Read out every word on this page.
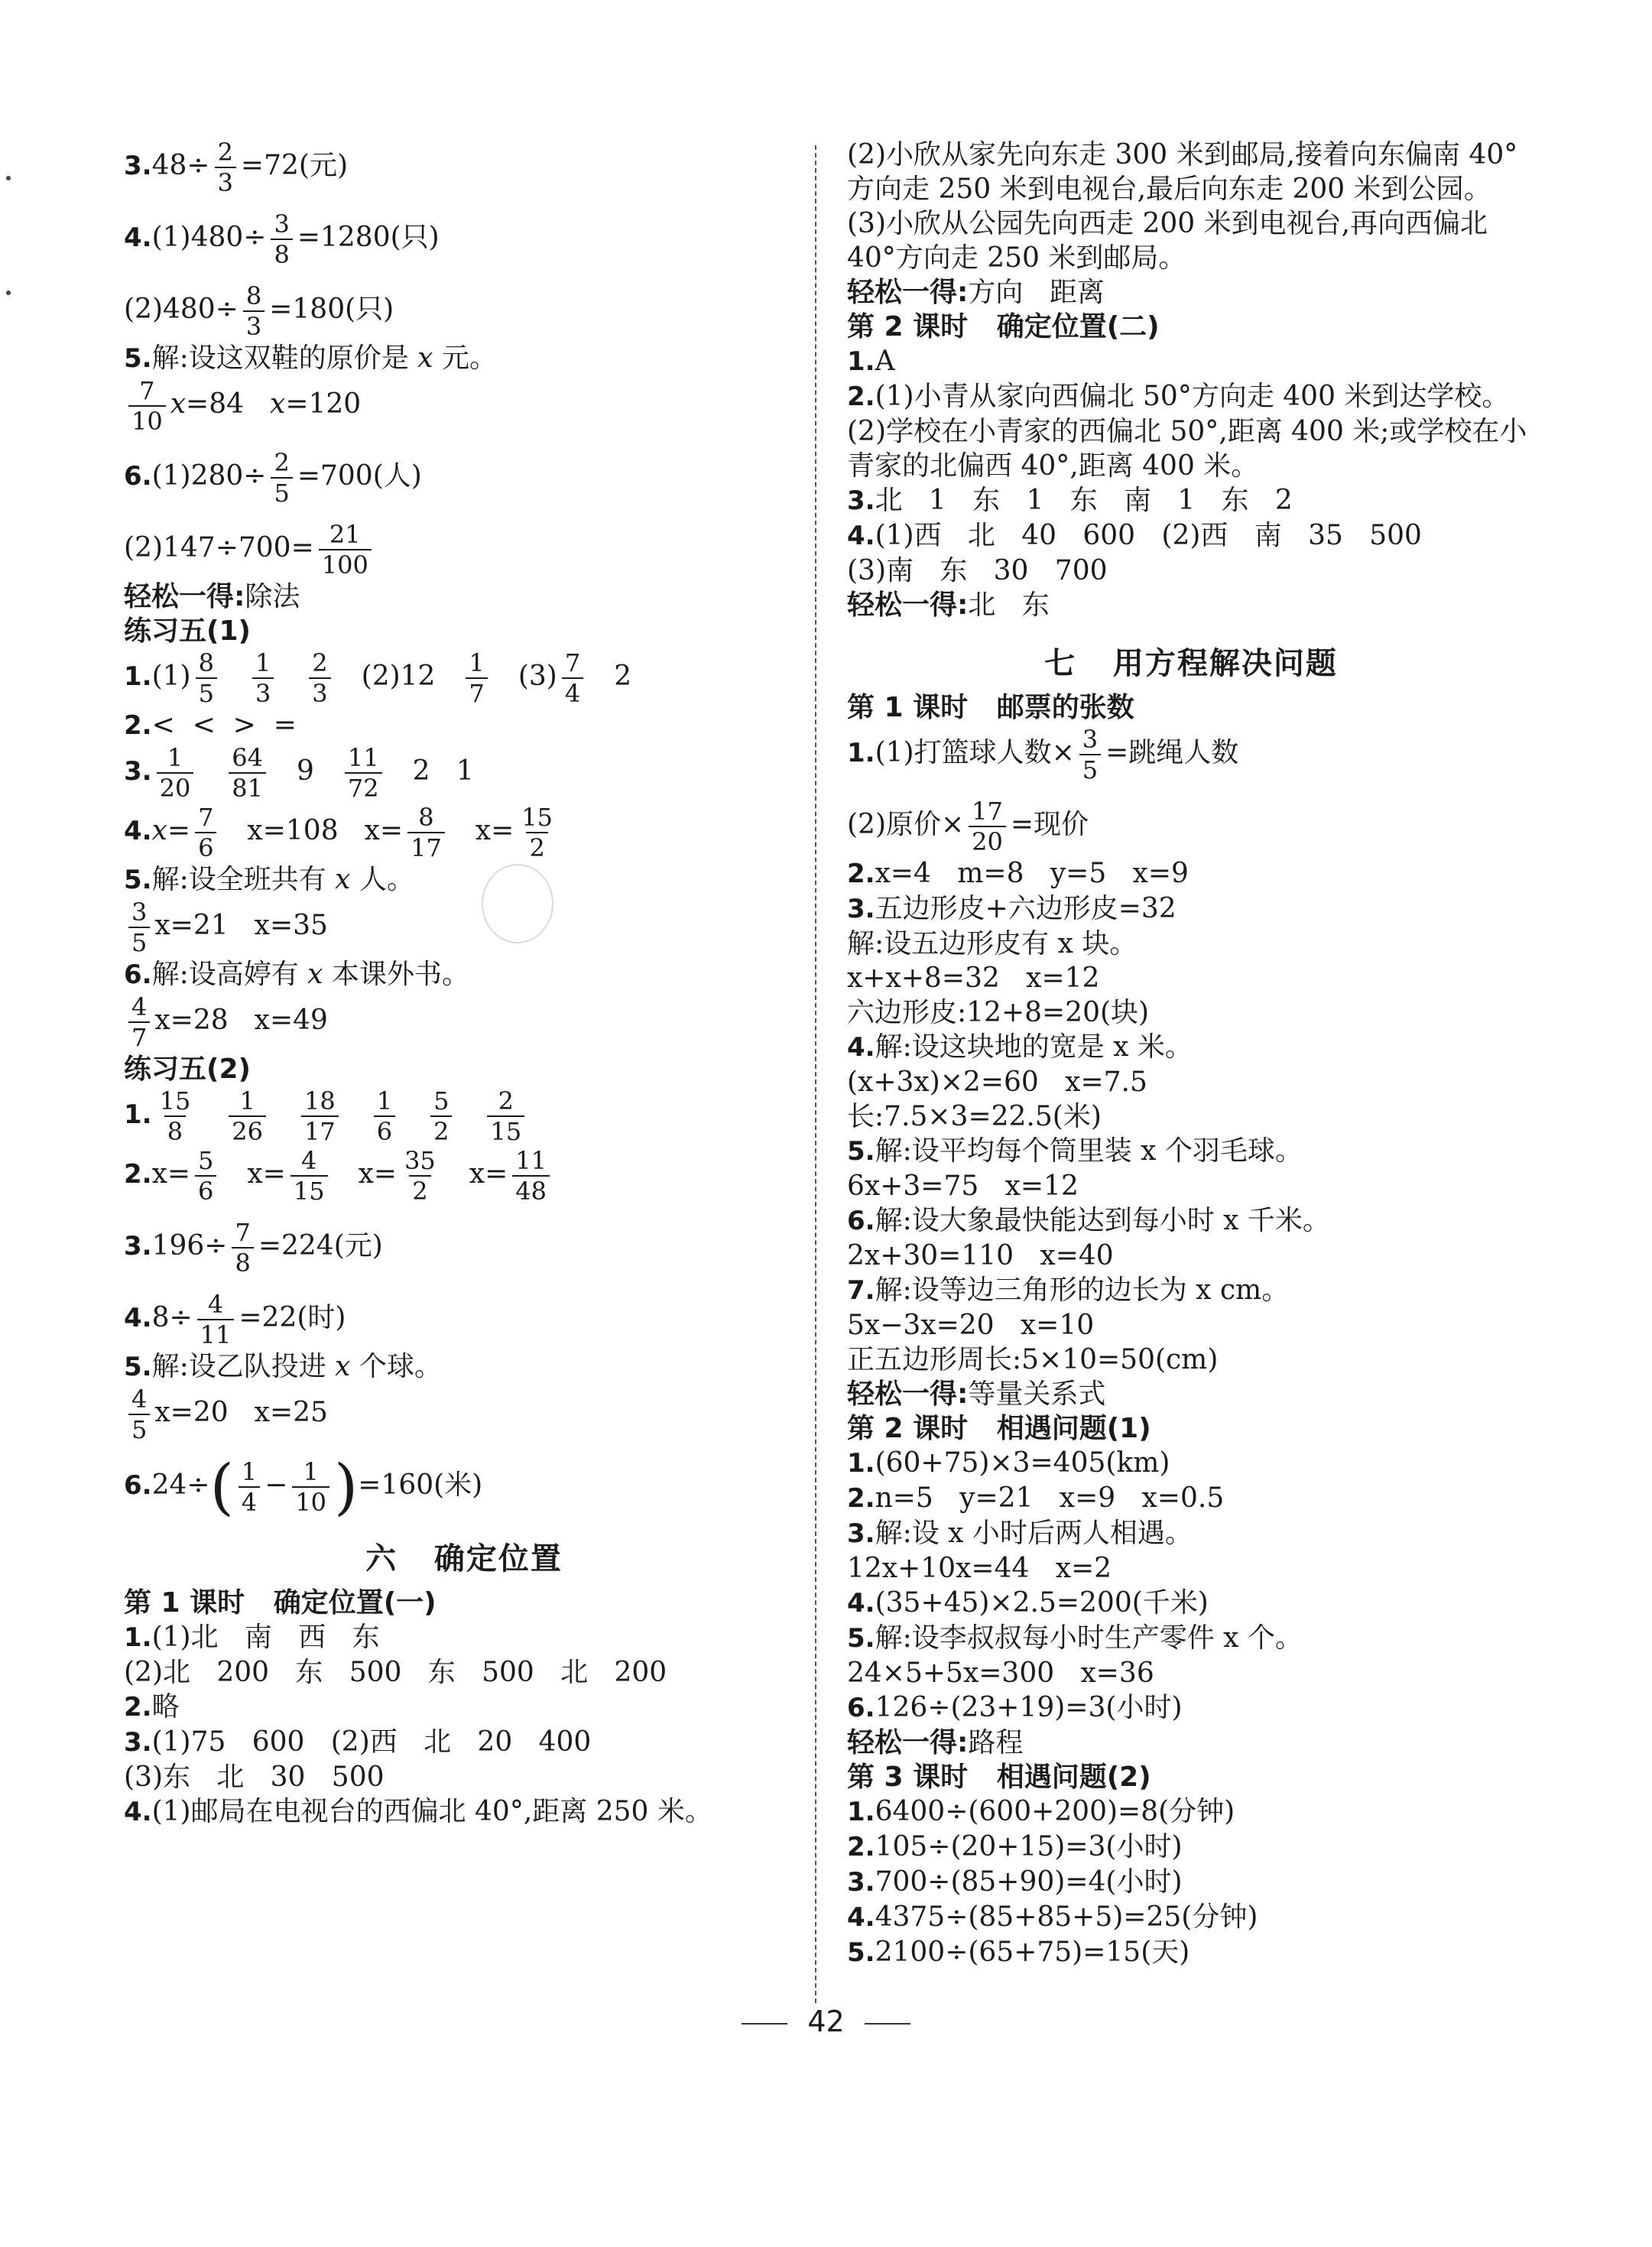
$3.48\div \frac{2}{3} =72$(元)
$4.(1)480\div \frac{3}{8} =1280$(只)
$(2)480\div \frac{8}{3} =180$(只)
5.解:设这双鞋的原价是 x 元。
$\frac{7}{10} x=84$ x=120
$6.(1)280\div \frac{2}{5} =700$(人)
$(2)147\div 700= \frac{21}{100}$
轻松一得:除法
练习五(1)
$1.(1) \frac{8}{5} \frac{1}{3} \frac{2}{3} (2)12 \frac{1}{7} (3) \frac{7}{4} 2$
2.<  <  >  =
3. $\frac{1}{20} \frac{64}{81} 9 \frac{11}{72} 2$   1
$4.x= \frac{7}{6} x=108$ $x= \frac{8}{17} x= \frac{15}{2}$
5.解:设全班共有 x 人。
$\frac{3}{5} x=21$ x=35
6.解:设高婷有 x 本课外书。
$\frac{4}{7} x=28$ x=49
练习五(2)
1. $\frac{15}{8} \frac{1}{26} \frac{18}{17} \frac{1}{6} \frac{5}{2} \frac{2}{15}$
$2.x= \frac{5}{6} x= \frac{4}{15} x= \frac{35}{2} x= \frac{11}{48}$
$3.196\div \frac{7}{8} =224$(元)
$4.8\div \frac{4}{11} =22$(时)
5.解:设乙队投进 x 个球。
$\frac{4}{5} x=20$ x=25
$6.24\div( \frac{1}{4} - \frac{1}{10} )=160$(米)
六   确定位置
第 1 课时   确定位置(一)
1.(1)北   南   西   东
(2)北   200   东   500   东   500   北   200
2.略
3.(1)75   600   (2)西   北   20   400
(3)东   北   30   500
4.(1)邮局在电视台的西偏北 40°,距离 250 米。
(2)小欣从家先向东走 300 米到邮局,接着向东偏南 40°方向走 250 米到电视台,最后向东走 200 米到公园。 (3)小欣从公园先向西走 200 米到电视台,再向西偏北 40°方向走 250 米到邮局。
轻松一得:方向   距离
第 2 课时   确定位置(二)
1.A
2.(1)小青从家向西偏北 50°方向走 400 米到达学校。 (2)学校在小青家的西偏北 50°,距离 400 米;或学校在小青家的北偏西 40°,距离 400 米。
3.北   1   东   1   东   南   1   东   2
4.(1)西   北   40   600   (2)西   南   35   500
(3)南   东   30   700
轻松一得:北   东
七   用方程解决问题
第 1 课时   邮票的张数
1.(1)打篮球人数× $\frac{3}{5}$ =跳绳人数
(2)原价× $\frac{17}{20}$ =现价
2.x=4   m=8   y=5   x=9
3.五边形皮+六边形皮=32
解:设五边形皮有 x 块。
x+x+8=32   x=12
六边形皮:12+8=20(块)
4.解:设这块地的宽是 x 米。
(x+3x)×2=60   x=7.5
长:7.5×3=22.5(米)
5.解:设平均每个筒里装 x 个羽毛球。
6x+3=75   x=12
6.解:设大象最快能达到每小时 x 千米。
2x+30=110   x=40
7.解:设等边三角形的边长为 x cm。
5x−3x=20   x=10
正五边形周长:5×10=50(cm)
轻松一得:等量关系式
第 2 课时   相遇问题(1)
1.(60+75)×3=405(km)
2.n=5   y=21   x=9   x=0.5
3.解:设 x 小时后两人相遇。
12x+10x=44   x=2
4.(35+45)×2.5=200(千米)
5.解:设李叔叔每小时生产零件 x 个。
24×5+5x=300   x=36
6.126÷(23+19)=3(小时)
轻松一得:路程
第 3 课时   相遇问题(2)
1.6400÷(600+200)=8(分钟)
2.105÷(20+15)=3(小时)
3.700÷(85+90)=4(小时)
4.4375÷(85+85+5)=25(分钟)
5.2100÷(65+75)=15(天)
42
